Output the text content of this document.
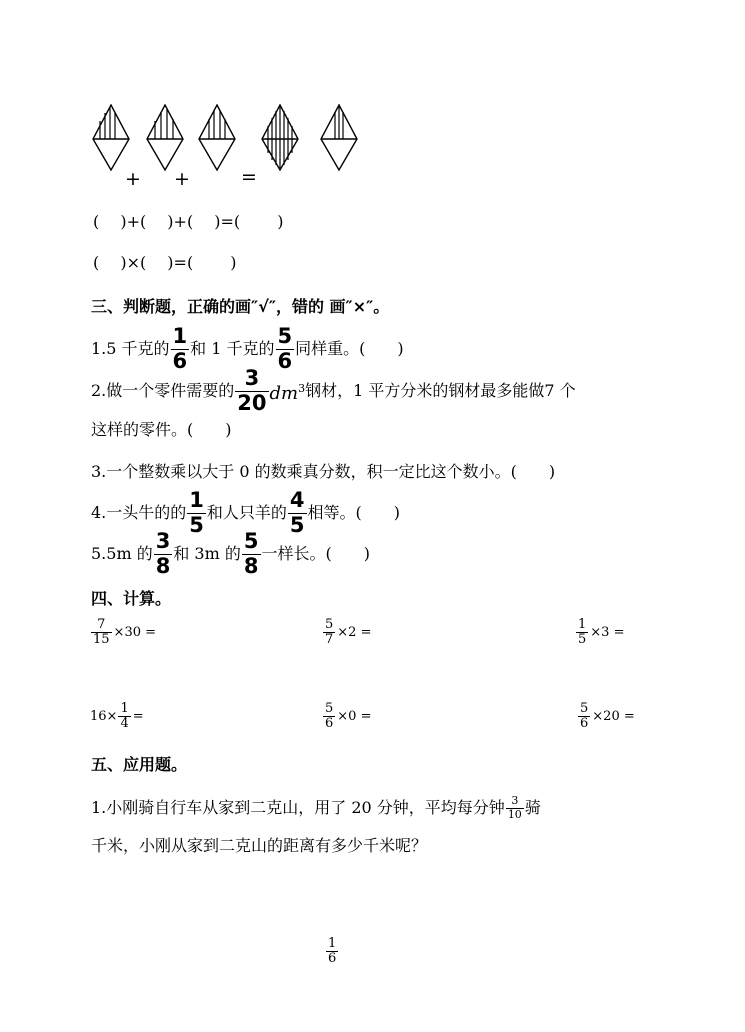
+ +	=
(　 )+(　 )+(　 )=(　 　)
(　 )×(　 )=(　 　)
三、判断题，正确的画″√″，错的 画″×″。
1.5 千克的 $\frac{1}{6}$ 和 1 千克的 $\frac{5}{6}$ 同样重。(　　)
2.做一个零件需要的 $\frac{3}{20} dm^3$ 钢材，1 平方分米的钢材最多能做7 个
这样的零件。(　　)
3.一个整数乘以大于 0 的数乘真分数，积一定比这个数小。(　　)
4.一头牛的的 $\frac{1}{5}$ 和人只羊的 $\frac{4}{5}$ 相等。(　　)
5.5m 的 $\frac{3}{8}$ 和 3m 的 $\frac{5}{8}$ 一样长。(　　)
四、计算。
$\frac{7}{15} \times 30$ =	$\frac{5}{7} \times 2$ =	$\frac{1}{5} \times 3$ =
$16\times \frac{1}{4}$ =	$\frac{5}{6} \times 0$ =	$\frac{5}{6} \times 20$ =
五、应用题。
1.小刚骑自行车从家到二克山，用了 20 分钟，平均每分钟 $\frac{3}{10}$ 骑
千米，小刚从家到二克山的距离有多少千米呢？
$\frac{1}{6}$
